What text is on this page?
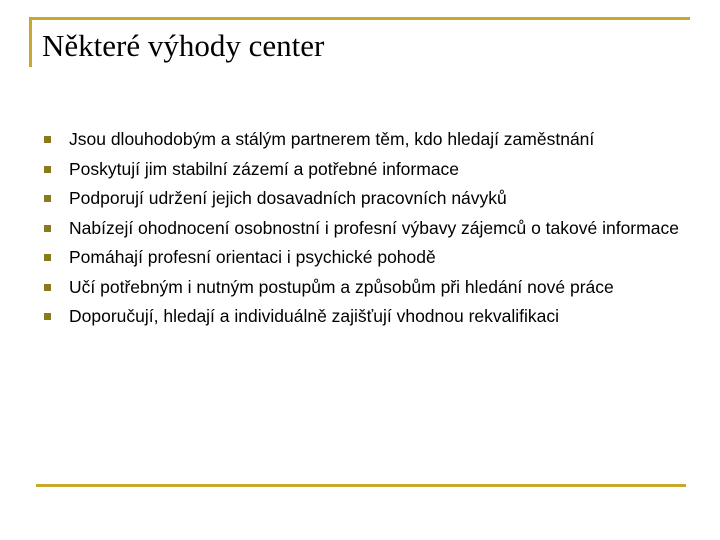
Některé výhody center
Jsou dlouhodobým a stálým partnerem těm, kdo hledají zaměstnání
Poskytují jim stabilní zázemí a potřebné informace
Podporují udržení jejich dosavadních pracovních návyků
Nabízejí ohodnocení osobnostní i profesní výbavy zájemců o takové informace
Pomáhají profesní orientaci i psychické pohodě
Učí potřebným i nutným postupům a způsobům při hledání nové práce
Doporučují, hledají a individuálně zajišťují vhodnou rekvalifikaci
